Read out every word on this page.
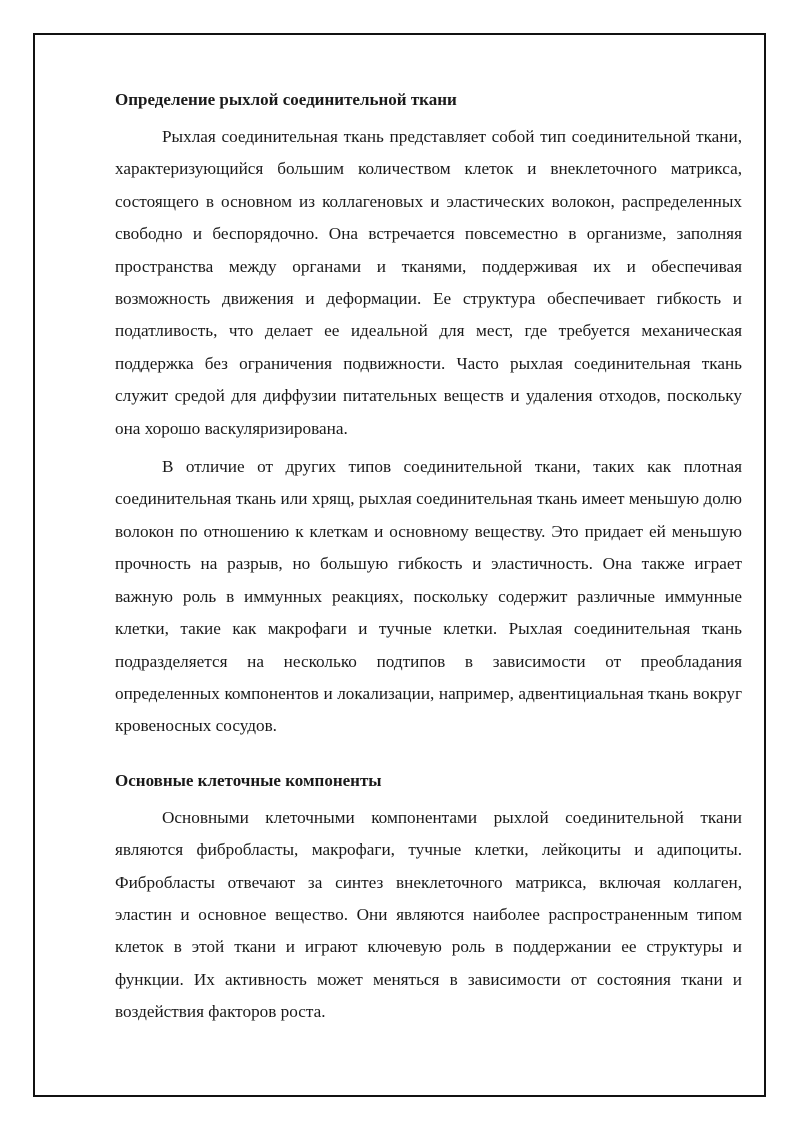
Определение рыхлой соединительной ткани

Рыхлая соединительная ткань представляет собой тип соединительной ткани, характеризующийся большим количеством клеток и внеклеточного матрикса, состоящего в основном из коллагеновых и эластических волокон, распределенных свободно и беспорядочно. Она встречается повсеместно в организме, заполняя пространства между органами и тканями, поддерживая их и обеспечивая возможность движения и деформации. Ее структура обеспечивает гибкость и податливость, что делает ее идеальной для мест, где требуется механическая поддержка без ограничения подвижности. Часто рыхлая соединительная ткань служит средой для диффузии питательных веществ и удаления отходов, поскольку она хорошо васкуляризирована.

В отличие от других типов соединительной ткани, таких как плотная соединительная ткань или хрящ, рыхлая соединительная ткань имеет меньшую долю волокон по отношению к клеткам и основному веществу. Это придает ей меньшую прочность на разрыв, но большую гибкость и эластичность. Она также играет важную роль в иммунных реакциях, поскольку содержит различные иммунные клетки, такие как макрофаги и тучные клетки. Рыхлая соединительная ткань подразделяется на несколько подтипов в зависимости от преобладания определенных компонентов и локализации, например, адвентициальная ткань вокруг кровеносных сосудов.

Основные клеточные компоненты

Основными клеточными компонентами рыхлой соединительной ткани являются фибробласты, макрофаги, тучные клетки, лейкоциты и адипоциты. Фибробласты отвечают за синтез внеклеточного матрикса, включая коллаген, эластин и основное вещество. Они являются наиболее распространенным типом клеток в этой ткани и играют ключевую роль в поддержании ее структуры и функции. Их активность может меняться в зависимости от состояния ткани и воздействия факторов роста.
